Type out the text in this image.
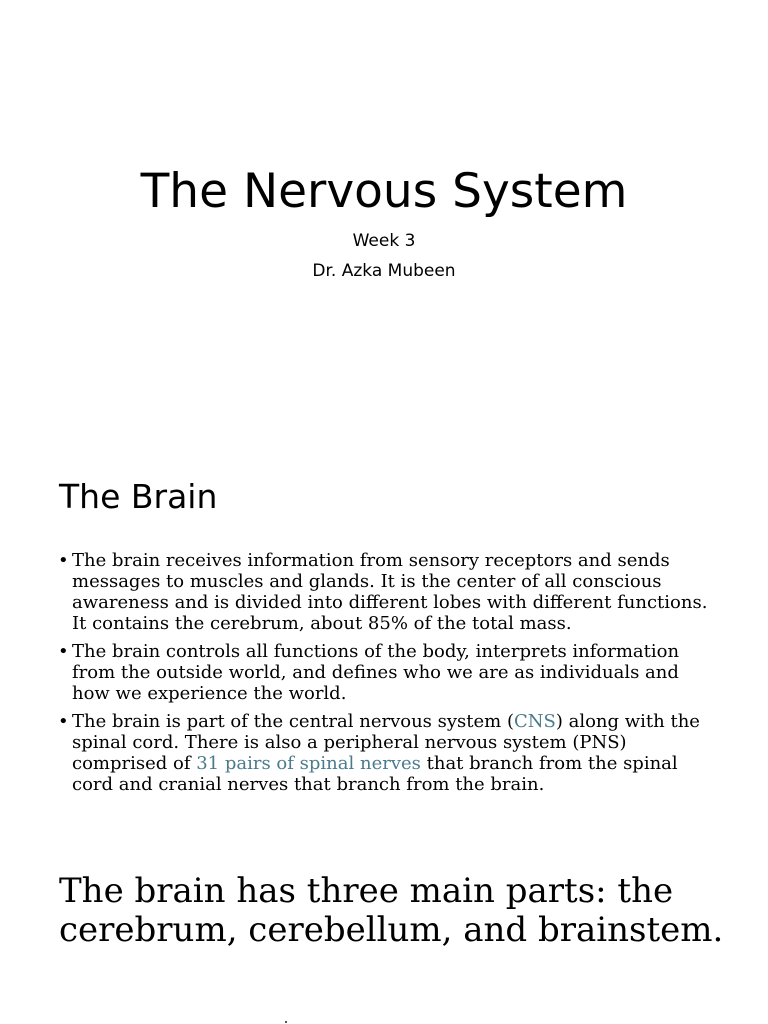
The Nervous System

Week 3

Dr. Azka Mubeen

The Brain
• The brain receives information from sensory receptors and sends messages to muscles and glands. It is the center of all conscious awareness and is divided into different lobes with different functions. It contains the cerebrum, about 85% of the total mass.
• The brain controls all functions of the body, interprets information from the outside world, and defines who we are as individuals and how we experience the world.
• The brain is part of the central nervous system (CNS) along with the spinal cord. There is also a peripheral nervous system (PNS) comprised of 31 pairs of spinal nerves that branch from the spinal cord and cranial nerves that branch from the brain.
The brain has three main parts: the cerebrum, cerebellum, and brainstem.
